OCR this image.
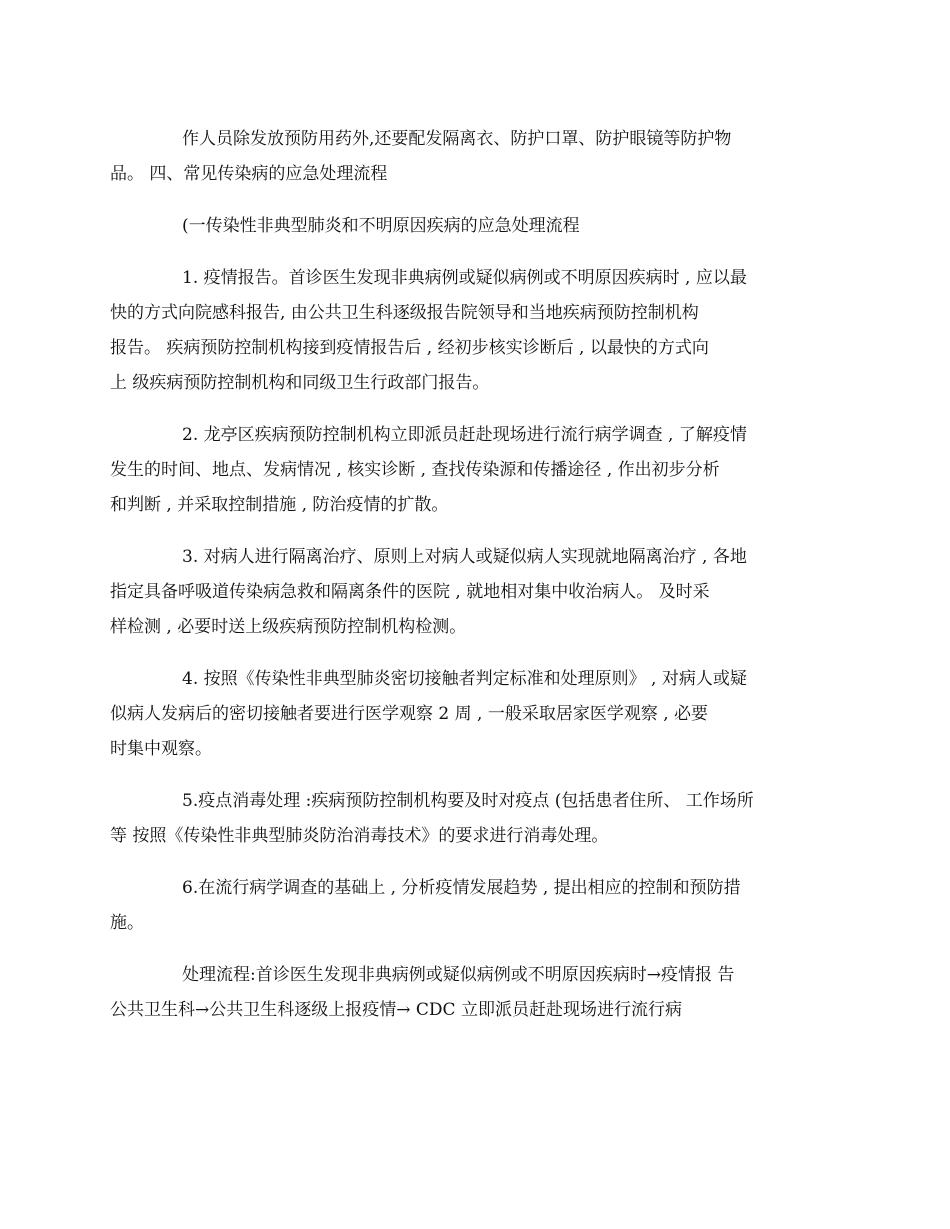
作人员除发放预防用药外,还要配发隔离衣、防护口罩、防护眼镜等防护物
品。 四、常见传染病的应急处理流程

(一传染性非典型肺炎和不明原因疾病的应急处理流程

1. 疫情报告。首诊医生发现非典病例或疑似病例或不明原因疾病时 , 应以最
快的方式向院感科报告, 由公共卫生科逐级报告院领导和当地疾病预防控制机构
报告。 疾病预防控制机构接到疫情报告后 , 经初步核实诊断后 , 以最快的方式向
上 级疾病预防控制机构和同级卫生行政部门报告。

2. 龙亭区疾病预防控制机构立即派员赶赴现场进行流行病学调查 , 了解疫情
发生的时间、地点、发病情况 , 核实诊断 , 查找传染源和传播途径 , 作出初步分析
和判断 , 并采取控制措施 , 防治疫情的扩散。

3. 对病人进行隔离治疗、原则上对病人或疑似病人实现就地隔离治疗 , 各地
指定具备呼吸道传染病急救和隔离条件的医院 , 就地相对集中收治病人。 及时采
样检测 , 必要时送上级疾病预防控制机构检测。

4. 按照《传染性非典型肺炎密切接触者判定标准和处理原则》 , 对病人或疑
似病人发病后的密切接触者要进行医学观察 2 周 , 一般采取居家医学观察 , 必要
时集中观察。

5.疫点消毒处理 :疾病预防控制机构要及时对疫点 (包括患者住所、 工作场所
等 按照《传染性非典型肺炎防治消毒技术》的要求进行消毒处理。

6.在流行病学调查的基础上 , 分析疫情发展趋势 , 提出相应的控制和预防措
施。

处理流程:首诊医生发现非典病例或疑似病例或不明原因疾病时→疫情报 告
公共卫生科→公共卫生科逐级上报疫情→ CDC 立即派员赶赴现场进行流行病
